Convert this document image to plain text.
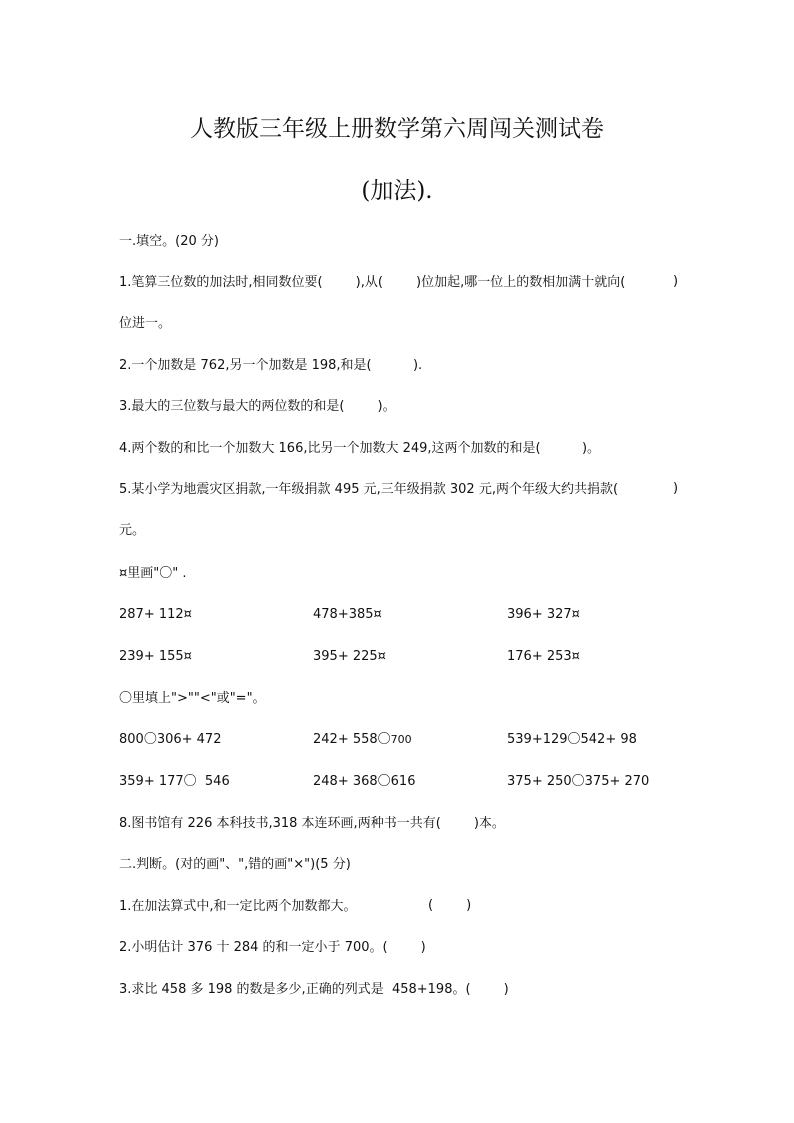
人教版三年级上册数学第六周闯关测试卷
(加法).
一.填空。(20 分)
1.笔算三位数的加法时,相同数位要(        ),从(        )位加起,哪一位上的数相加满十就向(	)
位进一。
2.一个加数是 762,另一个加数是 198,和是(          ).
3.最大的三位数与最大的两位数的和是(        )。
4.两个数的和比一个加数大 166,比另一个加数大 249,这两个加数的和是(          )。
5.某小学为地震灾区捐款,一年级捐款 495 元,三年级捐款 302 元,两个年级大约共捐款(	)
元。
¤里画"〇" .
287+ 112¤	478+385¤	396+ 327¤
239+ 155¤	395+ 225¤	176+ 253¤
〇里填上">""<"或"="。
800〇306+ 472	242+ 558〇700	539+129〇542+ 98
359+ 177〇  546	248+ 368〇616	375+ 250〇375+ 270
8.图书馆有 226 本科技书,318 本连环画,两种书一共有(        )本。
二.判断。(对的画"、",错的画"×")(5 分)
1.在加法算式中,和一定比两个加数都大。	(        )
2.小明估计 376 十 284 的和一定小于 700。(        )
3.求比 458 多 198 的数是多少,正确的列式是  458+198。(        )
